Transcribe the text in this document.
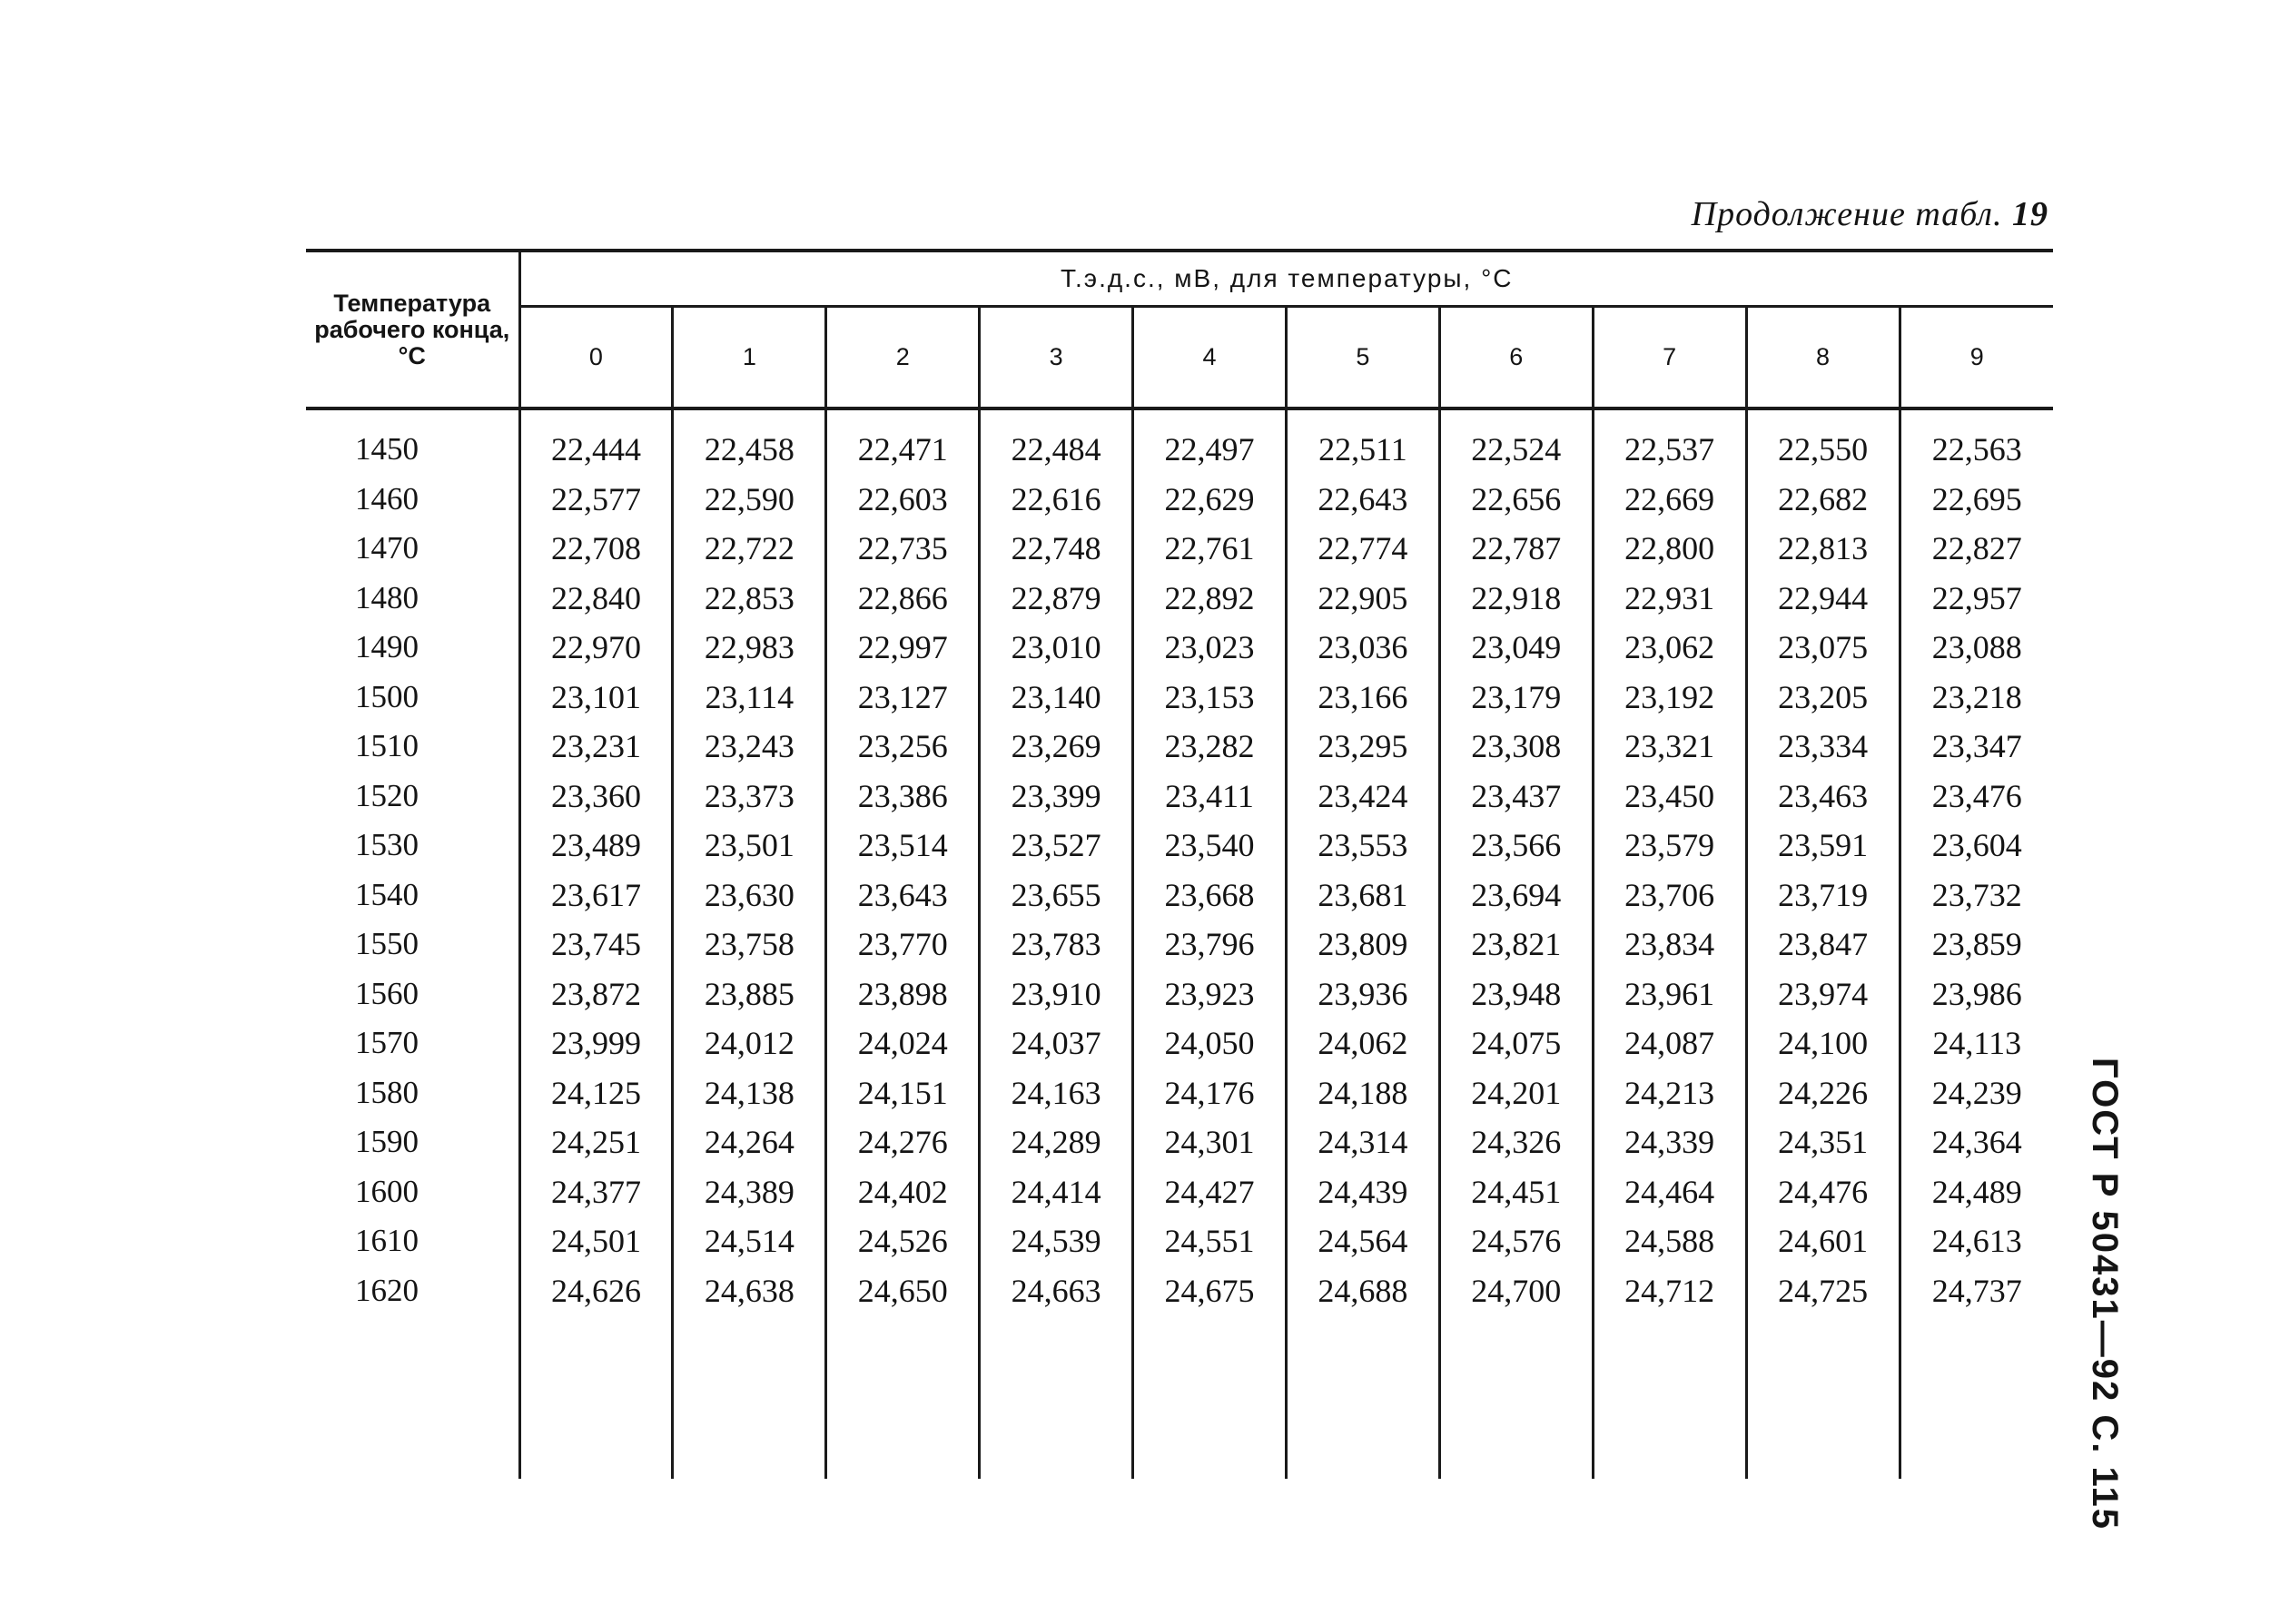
Продолжение табл. 19
ГОСТ Р 50431—92 С. 115
Температура рабочего конца, °С	Т.э.д.с., мВ, для температуры, °С									
	0	1	2	3	4	5	6	7	8	9

1450	22,444	22,458	22,471	22,484	22,497	22,511	22,524	22,537	22,550	22,563
1460	22,577	22,590	22,603	22,616	22,629	22,643	22,656	22,669	22,682	22,695
1470	22,708	22,722	22,735	22,748	22,761	22,774	22,787	22,800	22,813	22,827
1480	22,840	22,853	22,866	22,879	22,892	22,905	22,918	22,931	22,944	22,957
1490	22,970	22,983	22,997	23,010	23,023	23,036	23,049	23,062	23,075	23,088
1500	23,101	23,114	23,127	23,140	23,153	23,166	23,179	23,192	23,205	23,218
1510	23,231	23,243	23,256	23,269	23,282	23,295	23,308	23,321	23,334	23,347
1520	23,360	23,373	23,386	23,399	23,411	23,424	23,437	23,450	23,463	23,476
1530	23,489	23,501	23,514	23,527	23,540	23,553	23,566	23,579	23,591	23,604
1540	23,617	23,630	23,643	23,655	23,668	23,681	23,694	23,706	23,719	23,732
1550	23,745	23,758	23,770	23,783	23,796	23,809	23,821	23,834	23,847	23,859
1560	23,872	23,885	23,898	23,910	23,923	23,936	23,948	23,961	23,974	23,986
1570	23,999	24,012	24,024	24,037	24,050	24,062	24,075	24,087	24,100	24,113
1580	24,125	24,138	24,151	24,163	24,176	24,188	24,201	24,213	24,226	24,239
1590	24,251	24,264	24,276	24,289	24,301	24,314	24,326	24,339	24,351	24,364
1600	24,377	24,389	24,402	24,414	24,427	24,439	24,451	24,464	24,476	24,489
1610	24,501	24,514	24,526	24,539	24,551	24,564	24,576	24,588	24,601	24,613
1620	24,626	24,638	24,650	24,663	24,675	24,688	24,700	24,712	24,725	24,737
